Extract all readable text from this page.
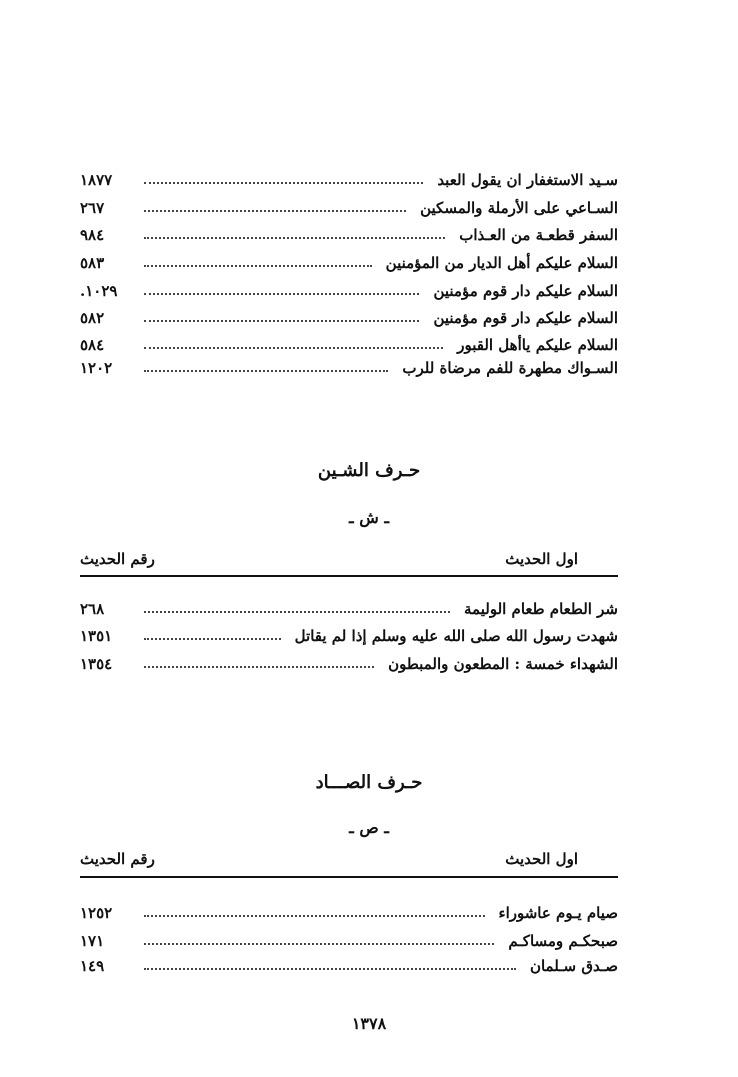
سـيد الاستغفار ان يقول العبد
١٨٧٧
السـاعي على الأرملة والمسكين
٢٦٧
السفر قطعـة من العـذاب
٩٨٤
السلام عليكم أهل الديار من المؤمنين
٥٨٣
السلام عليكم دار قوم مؤمنين
١٠٢٩.
السلام عليكم دار قوم مؤمنين
٥٨٢
السلام عليكم ياأهل القبور
٥٨٤
السـواك مطهرة للفم مرضاة للرب
١٢٠٢
حـرف الشـين
ـ ش ـ
اول الحديث
رقم الحديث
شر الطعام طعام الوليمة
٢٦٨
شهدت رسول الله صلى الله عليه وسلم إذا لم يقاتل
١٣٥١
الشهداء خمسة : المطعون والمبطون
١٣٥٤
حـرف الصـــاد
ـ ص ـ
اول الحديث
رقم الحديث
صيام يـوم عاشوراء
١٢٥٢
صبحكـم ومساكـم
١٧١
صـدق سـلمان
١٤٩
١٣٧٨
